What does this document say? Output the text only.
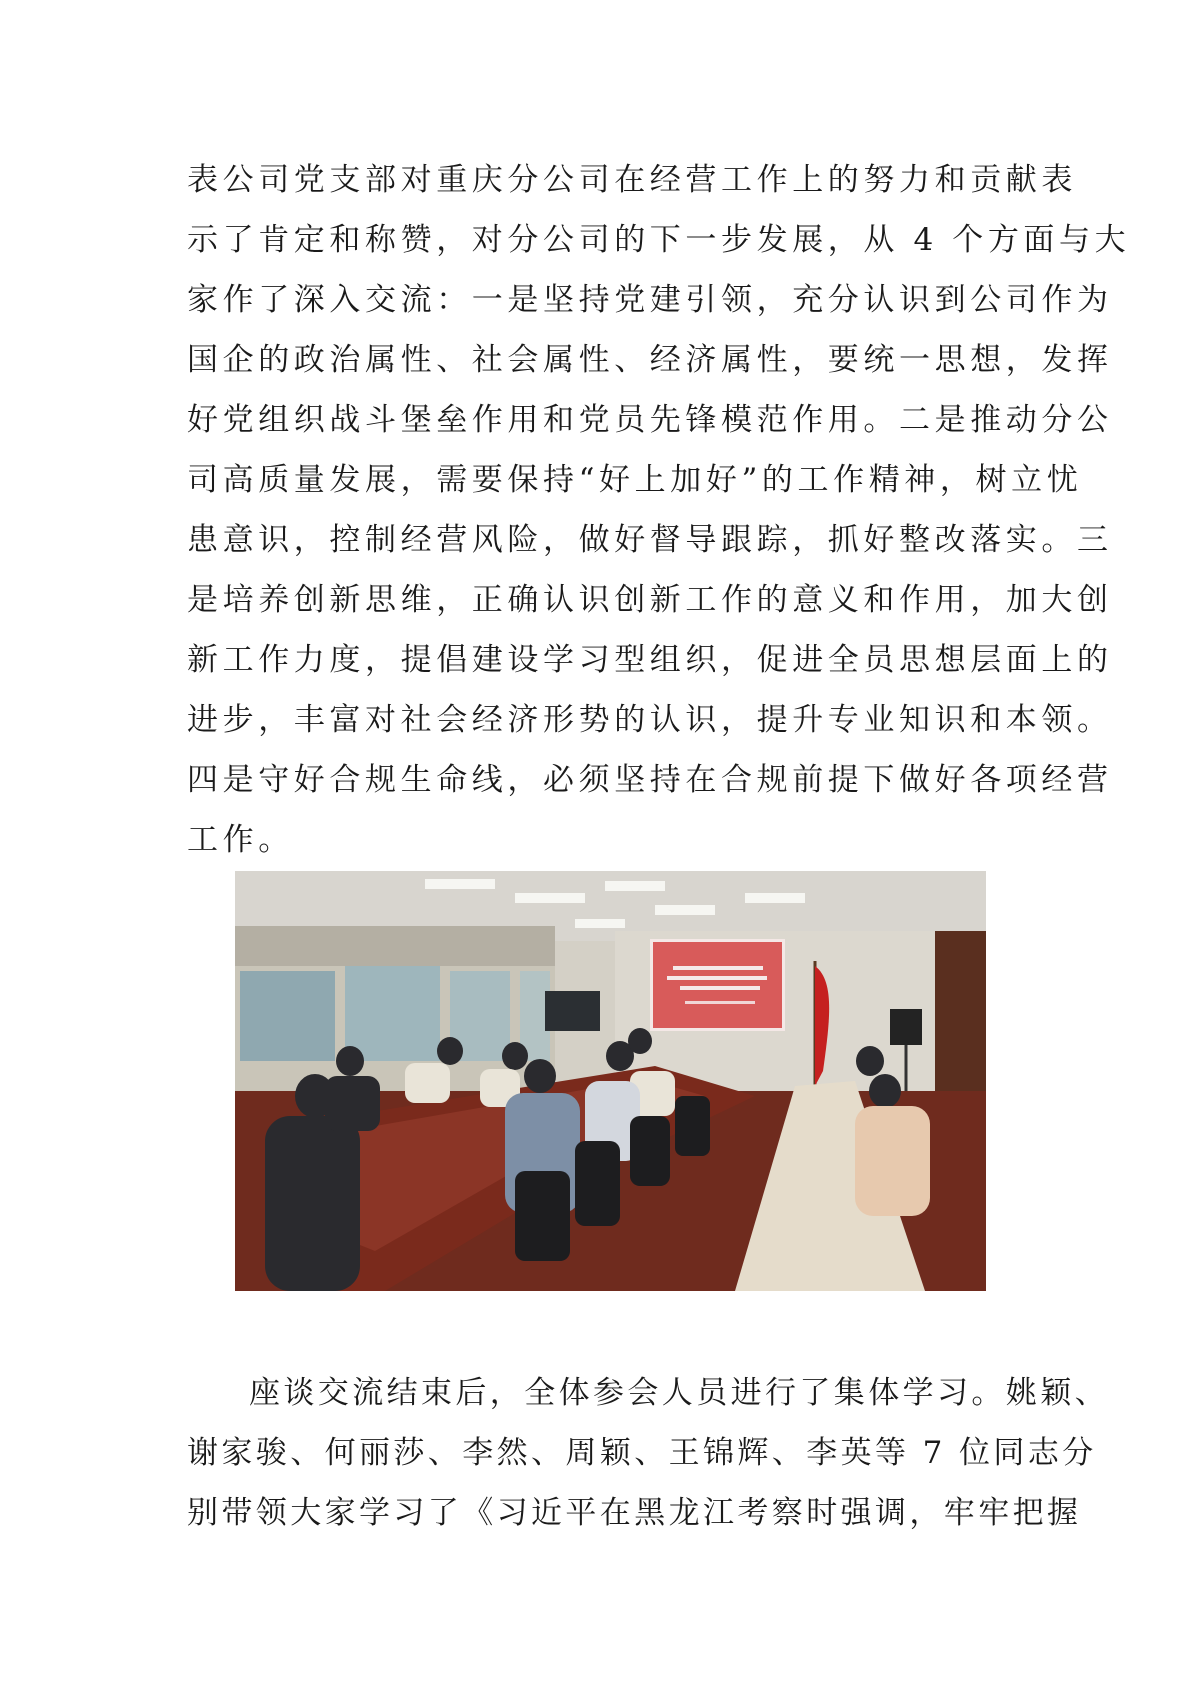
表公司党支部对重庆分公司在经营工作上的努力和贡献表
示了肯定和称赞，对分公司的下一步发展，从 4 个方面与大
家作了深入交流：一是坚持党建引领，充分认识到公司作为
国企的政治属性、社会属性、经济属性，要统一思想，发挥
好党组织战斗堡垒作用和党员先锋模范作用。二是推动分公
司高质量发展，需要保持“好上加好”的工作精神，树立忧
患意识，控制经营风险，做好督导跟踪，抓好整改落实。三
是培养创新思维，正确认识创新工作的意义和作用，加大创
新工作力度，提倡建设学习型组织，促进全员思想层面上的
进步，丰富对社会经济形势的认识，提升专业知识和本领。
四是守好合规生命线，必须坚持在合规前提下做好各项经营
工作。
座谈交流结束后，全体参会人员进行了集体学习。姚颖、
谢家骏、何丽莎、李然、周颖、王锦辉、李英等 7 位同志分
别带领大家学习了《习近平在黑龙江考察时强调，牢牢把握
